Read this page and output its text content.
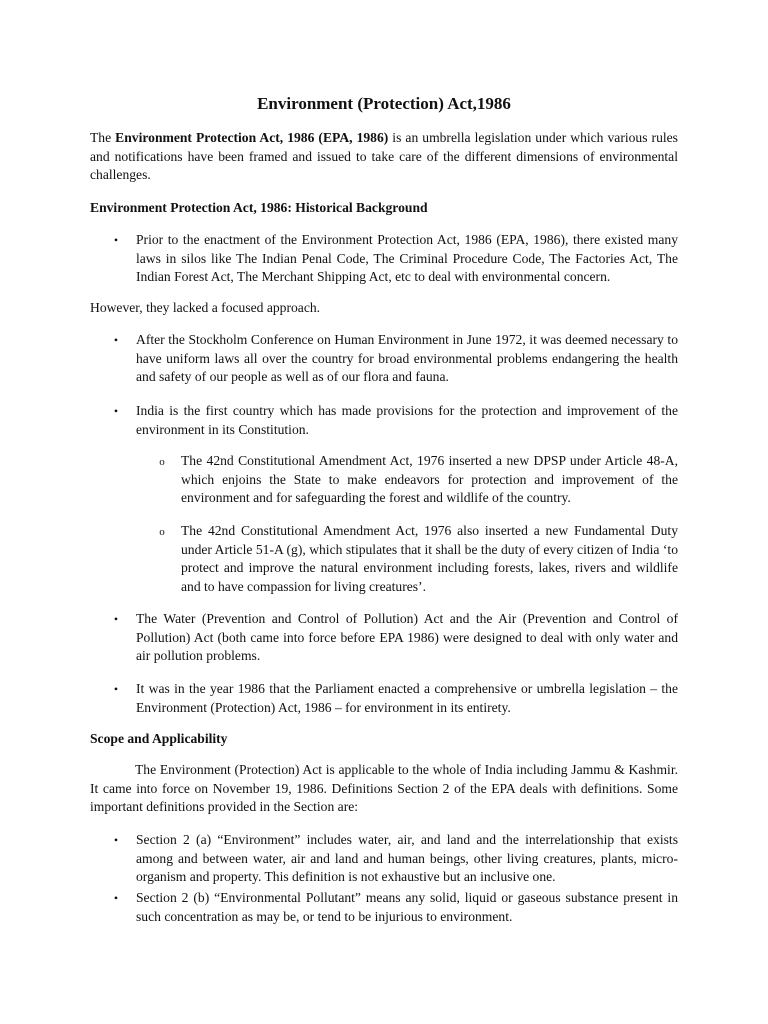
Environment (Protection) Act,1986
The Environment Protection Act, 1986 (EPA, 1986) is an umbrella legislation under which various rules and notifications have been framed and issued to take care of the different dimensions of environmental challenges.
Environment Protection Act, 1986: Historical Background
• Prior to the enactment of the Environment Protection Act, 1986 (EPA, 1986), there existed many laws in silos like The Indian Penal Code, The Criminal Procedure Code, The Factories Act, The Indian Forest Act, The Merchant Shipping Act, etc to deal with environmental concern.
However, they lacked a focused approach.
• After the Stockholm Conference on Human Environment in June 1972, it was deemed necessary to have uniform laws all over the country for broad environmental problems endangering the health and safety of our people as well as of our flora and fauna.
• India is the first country which has made provisions for the protection and improvement of the environment in its Constitution.
o The 42nd Constitutional Amendment Act, 1976 inserted a new DPSP under Article 48-A, which enjoins the State to make endeavors for protection and improvement of the environment and for safeguarding the forest and wildlife of the country.
o The 42nd Constitutional Amendment Act, 1976 also inserted a new Fundamental Duty under Article 51-A (g), which stipulates that it shall be the duty of every citizen of India ‘to protect and improve the natural environment including forests, lakes, rivers and wildlife and to have compassion for living creatures’.
• The Water (Prevention and Control of Pollution) Act and the Air (Prevention and Control of Pollution) Act (both came into force before EPA 1986) were designed to deal with only water and air pollution problems.
• It was in the year 1986 that the Parliament enacted a comprehensive or umbrella legislation – the Environment (Protection) Act, 1986 – for environment in its entirety.
Scope and Applicability
The Environment (Protection) Act is applicable to the whole of India including Jammu & Kashmir. It came into force on November 19, 1986. Definitions Section 2 of the EPA deals with definitions. Some important definitions provided in the Section are:
• Section 2 (a) “Environment” includes water, air, and land and the interrelationship that exists among and between water, air and land and human beings, other living creatures, plants, micro-organism and property. This definition is not exhaustive but an inclusive one.
• Section 2 (b) “Environmental Pollutant” means any solid, liquid or gaseous substance present in such concentration as may be, or tend to be injurious to environment.
